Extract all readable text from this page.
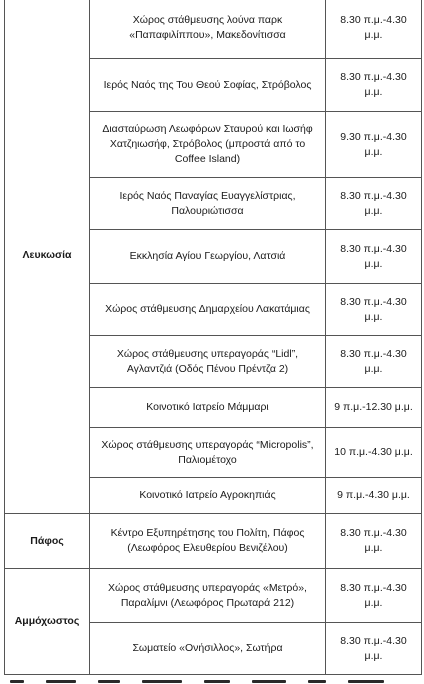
Λευκωσία	Χώρος στάθμευσης λούνα παρκ «Παπαφιλίππου», Μακεδονίτισσα	8.30 π.μ.-4.30 μ.μ.
	Ιερός Ναός της Του Θεού Σοφίας, Στρόβολος	8.30 π.μ.-4.30 μ.μ.
	Διασταύρωση Λεωφόρων Σταυρού και Ιωσήφ Χατζηιωσήφ, Στρόβολος (μπροστά από το Coffee Island)	9.30 π.μ.-4.30 μ.μ.
	Ιερός Ναός Παναγίας Ευαγγελίστριας, Παλουριώτισσα	8.30 π.μ.-4.30 μ.μ.
	Εκκλησία Αγίου Γεωργίου, Λατσιά	8.30 π.μ.-4.30 μ.μ.
	Χώρος στάθμευσης Δημαρχείου Λακατάμιας	8.30 π.μ.-4.30 μ.μ.
	Χώρος στάθμευσης υπεραγοράς “Lidl”, Αγλαντζιά (Οδός Πένου Πρέντζα 2)	8.30 π.μ.-4.30 μ.μ.
	Κοινοτικό Ιατρείο Μάμμαρι	9 π.μ.-12.30 μ.μ.
	Χώρος στάθμευσης υπεραγοράς “Micropolis”, Παλιομέτοχο	10 π.μ.-4.30 μ.μ.
	Κοινοτικό Ιατρείο Αγροκηπιάς	9 π.μ.-4.30 μ.μ.
Πάφος	Κέντρο Εξυπηρέτησης του Πολίτη, Πάφος (Λεωφόρος Ελευθερίου Βενιζέλου)	8.30 π.μ.-4.30 μ.μ.
Αμμόχωστος	Χώρος στάθμευσης υπεραγοράς «Μετρό», Παραλίμνι (Λεωφόρος Πρωταρά 212)	8.30 π.μ.-4.30 μ.μ.
	Σωματείο «Ονήσιλλος», Σωτήρα	8.30 π.μ.-4.30 μ.μ.
